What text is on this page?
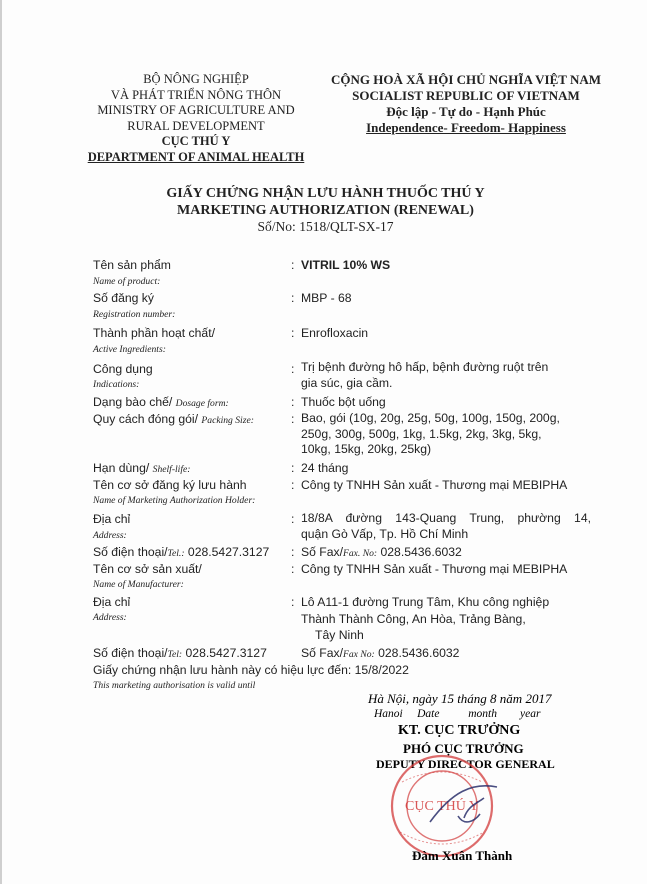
BỘ NÔNG NGHIỆP
VÀ PHÁT TRIỂN NÔNG THÔN
MINISTRY OF AGRICULTURE AND
RURAL DEVELOPMENT
CỤC THÚ Y
DEPARTMENT OF ANIMAL HEALTH
CỘNG HOÀ XÃ HỘI CHỦ NGHĨA VIỆT NAM
SOCIALIST REPUBLIC OF VIETNAM
Độc lập - Tự do - Hạnh Phúc
Independence- Freedom- Happiness
GIẤY CHỨNG NHẬN LƯU HÀNH THUỐC THÚ Y
MARKETING AUTHORIZATION (RENEWAL)
Số/No: 1518/QLT-SX-17
Tên sản phẩm
Name of product:
: VITRIL 10% WS
Số đăng ký
Registration number:
: MBP - 68
Thành phần hoạt chất/
Active Ingredients:
: Enrofloxacin
Công dụng
Indications:
: Trị bệnh đường hô hấp, bệnh đường ruột trên
gia súc, gia cầm.
Dạng bào chế/ Dosage form:	: Thuốc bột uống
Quy cách đóng gói/ Packing Size:	: Bao, gói (10g, 20g, 25g, 50g, 100g, 150g, 200g,
250g, 300g, 500g, 1kg, 1.5kg, 2kg, 3kg, 5kg,
10kg, 15kg, 20kg, 25kg)
Hạn dùng/ Shelf-life:	: 24 tháng
Tên cơ sở đăng ký lưu hành
Name of Marketing Authorization Holder:
: Công ty TNHH Sản xuất - Thương mại MEBIPHA
Địa chỉ
Address:
: 18/8A đường 143-Quang Trung, phường 14,
quận Gò Vấp, Tp. Hồ Chí Minh
Số điện thoại/Tel.: 028.5427.3127 : Số Fax/Fax. No: 028.5436.6032
Tên cơ sở sản xuất/
Name of Manufacturer:
: Công ty TNHH Sản xuất - Thương mại MEBIPHA
Địa chỉ
Address:
: Lô A11-1 đường Trung Tâm, Khu công nghiệp
Thành Thành Công, An Hòa, Trảng Bàng,
Tây Ninh
Số điện thoại/Tel: 028.5427.3127	Số Fax/Fax No: 028.5436.6032
Giấy chứng nhận lưu hành này có hiệu lực đến: 15/8/2022
This marketing authorisation is valid until
Hà Nội, ngày 15 tháng 8 năm 2017
Hanoi     Date          month        year
KT. CỤC TRƯỞNG
PHÓ CỤC TRƯỞNG
DEPUTY DIRECTOR GENERAL
CỤC THÚ Y
Đàm Xuân Thành
